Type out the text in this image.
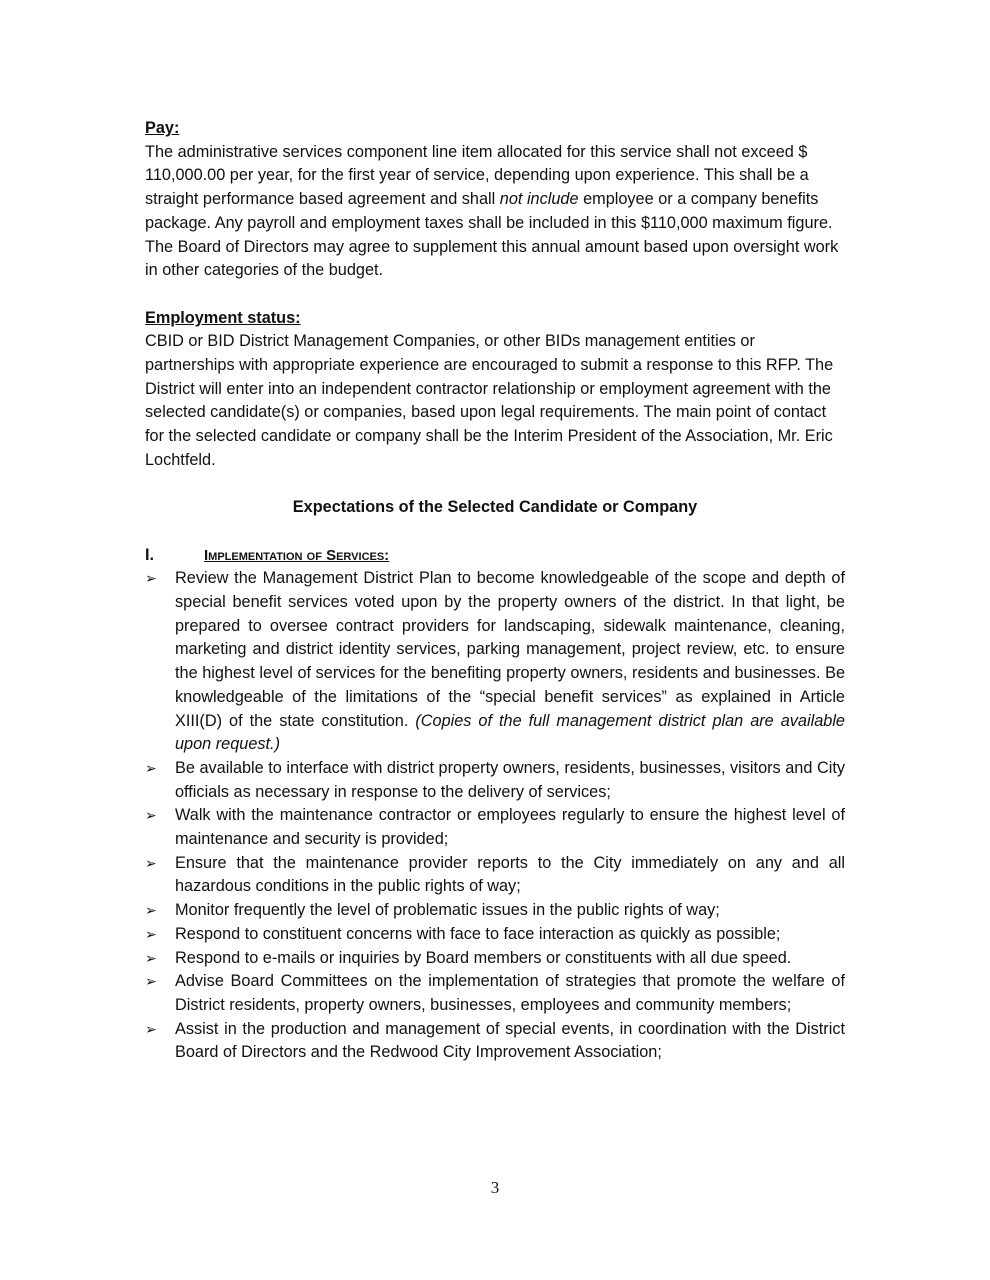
Pay:

The administrative services component line item allocated for this service shall not exceed $ 110,000.00 per year, for the first year of service, depending upon experience. This shall be a straight performance based agreement and shall not include employee or a company benefits package. Any payroll and employment taxes shall be included in this $110,000 maximum figure. The Board of Directors may agree to supplement this annual amount based upon oversight work in other categories of the budget.

Employment status:

CBID or BID District Management Companies, or other BIDs management entities or partnerships with appropriate experience are encouraged to submit a response to this RFP. The District will enter into an independent contractor relationship or employment agreement with the selected candidate(s) or companies, based upon legal requirements. The main point of contact for the selected candidate or company shall be the Interim President of the Association, Mr. Eric Lochtfeld.

Expectations of the Selected Candidate or Company

I.	Implementation of Services:
➢ Review the Management District Plan to become knowledgeable of the scope and depth of special benefit services voted upon by the property owners of the district. In that light, be prepared to oversee contract providers for landscaping, sidewalk maintenance, cleaning, marketing and district identity services, parking management, project review, etc. to ensure the highest level of services for the benefiting property owners, residents and businesses. Be knowledgeable of the limitations of the “special benefit services” as explained in Article XIII(D) of the state constitution. (Copies of the full management district plan are available upon request.)
➢ Be available to interface with district property owners, residents, businesses, visitors and City officials as necessary in response to the delivery of services;
➢ Walk with the maintenance contractor or employees regularly to ensure the highest level of maintenance and security is provided;
➢ Ensure that the maintenance provider reports to the City immediately on any and all hazardous conditions in the public rights of way;
➢ Monitor frequently the level of problematic issues in the public rights of way;
➢ Respond to constituent concerns with face to face interaction as quickly as possible;
➢ Respond to e-mails or inquiries by Board members or constituents with all due speed.
➢ Advise Board Committees on the implementation of strategies that promote the welfare of District residents, property owners, businesses, employees and community members;
➢ Assist in the production and management of special events, in coordination with the District Board of Directors and the Redwood City Improvement Association;
3
